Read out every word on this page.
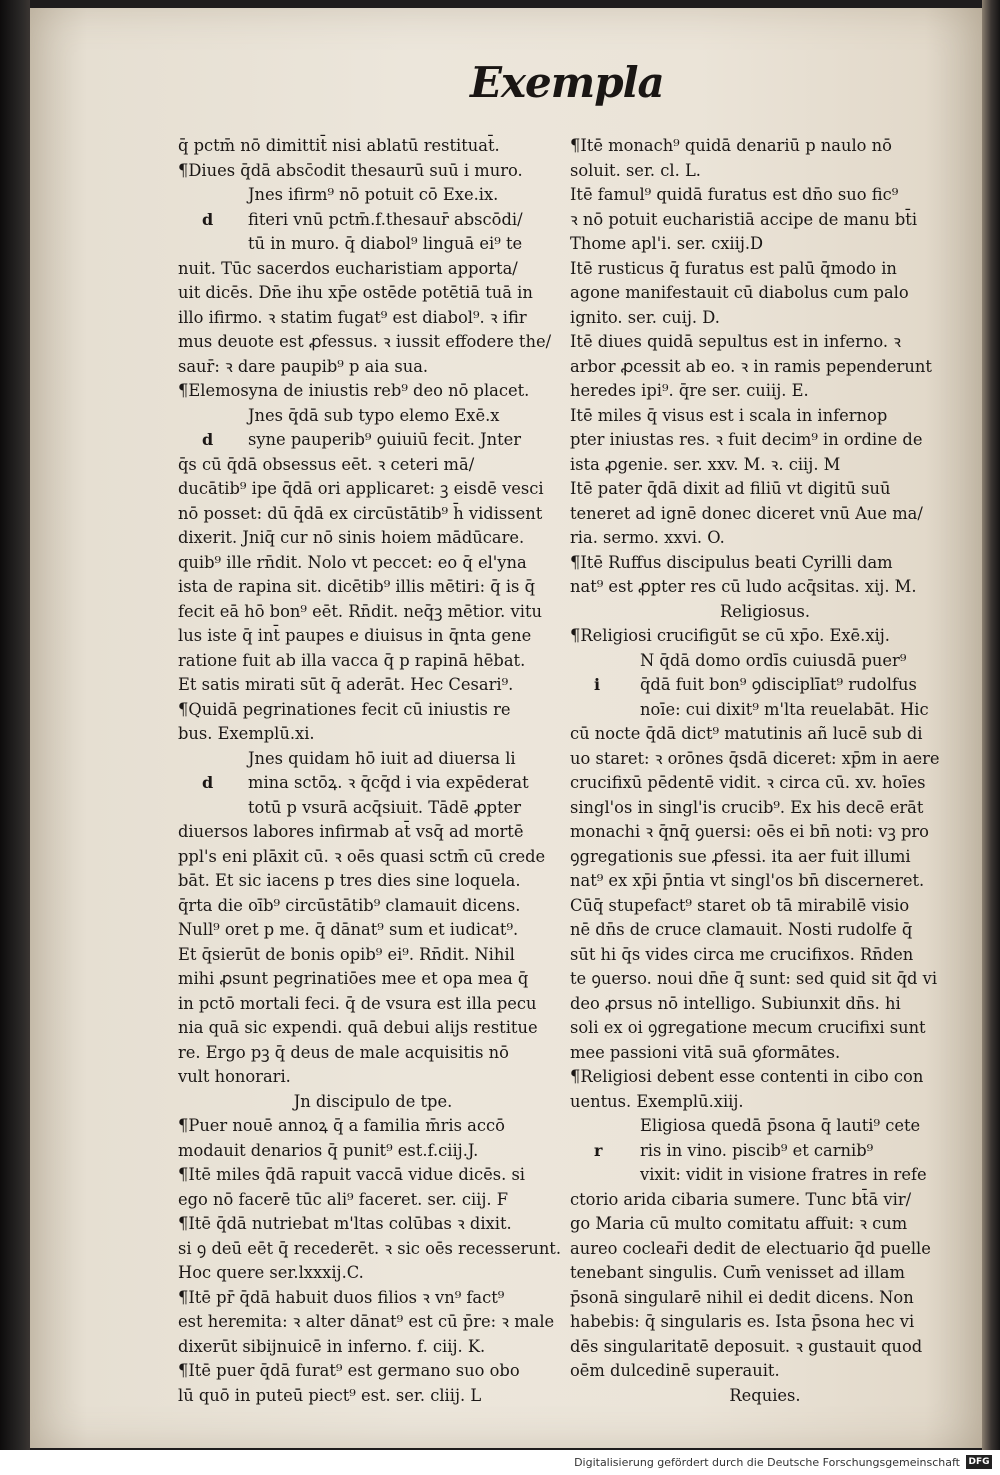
Exempla
q̄ pctm̄ nō dimittit̄ nisi ablatū restituat̄.
¶Diues q̄dā absc̄odit thesaurū suū i muro.
Jnes ifirm⁹ nō potuit cō Exe.ix.
d fiteri vnū pctm̄.f.thesaur̄ abscōdi/
tū in muro. q̄ diabol⁹ linguā ei⁹ te
nuit. Tūc sacerdos eucharistiam apporta/
uit dicēs. Dn̄e ihu xp̄e ostēde potētiā tuā in
illo ifirmo. ꝛ statim fugat⁹ est diabol⁹. ꝛ ifir
mus deuote est ꝓfessus. ꝛ iussit effodere the/
saur̄: ꝛ dare paupib⁹ p aia sua.
¶Elemosyna de iniustis reb⁹ deo nō placet.
Jnes q̄dā sub typo elemo Exē.x
d syne pauperib⁹ ꝯuiuiū fecit. Jnter
q̄s cū q̄dā obsessus eēt. ꝛ ceteri mā/
ducātib⁹ ipe q̄dā ori applicaret: ꝫ eisdē vesci
nō posset: dū q̄dā ex circūstātib⁹ h̄ vidissent
dixerit. Jniq̄ cur nō sinis hoiem mādūcare.
quib⁹ ille rn̄dit. Nolo vt peccet: eo q̄ el'yna
ista de rapina sit. dicētib⁹ illis mētiri: q̄ is q̄
fecit eā hō bon⁹ eēt. Rn̄dit. neq̄ꝫ mētior. vitu
lus iste q̄ int̄ paupes e diuisus in q̄nta gene
ratione fuit ab illa vacca q̄ p rapinā hēbat.
Et satis mirati sūt q̄ aderāt. Hec Cesari⁹.
¶Quidā pegrinationes fecit cū iniustis re
bus. Exemplū.xi.
Jnes quidam hō iuit ad diuersa li
d mina sctōꝝ. ꝛ q̄cq̄d i via expēderat
totū p vsurā acq̄siuit. Tādē ꝓpter
diuersos labores infirmab at̄ vsq̄ ad mortē
ppl's eni plāxit cū. ꝛ oēs quasi sctm̄ cū crede
bāt. Et sic iacens p tres dies sine loquela.
q̄rta die oīb⁹ circūstātib⁹ clamauit dicens.
Null⁹ oret p me. q̄ dānat⁹ sum et iudicat⁹.
Et q̄sierūt de bonis opib⁹ ei⁹. Rn̄dit. Nihil
mihi ꝓsunt pegrinatiōes mee et opa mea q̄
in pctō mortali feci. q̄ de vsura est illa pecu
nia quā sic expendi. quā debui alijs restitue
re. Ergo pꝫ q̄ deus de male acquisitis nō
vult honorari.
Jn discipulo de tpe.
¶Puer nouē annoꝝ q̄ a familia m̄ris accō
modauit denarios q̄ punit⁹ est.f.ciij.J.
¶Itē miles q̄dā rapuit vaccā vidue dicēs. si
ego nō facerē tūc ali⁹ faceret. ser. ciij. F
¶Itē q̄dā nutriebat m'ltas colūbas ꝛ dixit.
si ꝯ deū eēt q̄ recederēt. ꝛ sic oēs recesserunt.
Hoc quere ser.lxxxij.C.
¶Itē pr̄ q̄dā habuit duos filios ꝛ vn⁹ fact⁹
est heremita: ꝛ alter dānat⁹ est cū p̄re: ꝛ male
dixerūt sibijnuicē in inferno. f. ciij. K.
¶Itē puer q̄dā furat⁹ est germano suo obo
lū quō in puteū piect⁹ est. ser. cliij. L
¶Itē monach⁹ quidā denariū p naulo nō
soluit. ser. cl. L.
Itē famul⁹ quidā furatus est dn̄o suo fic⁹
ꝛ nō potuit eucharistiā accipe de manu bt̄i
Thome apl'i. ser. cxiij.D
Itē rusticus q̄ furatus est palū q̄modo in
agone manifestauit cū diabolus cum palo
ignito. ser. cuij. D.
Itē diues quidā sepultus est in inferno. ꝛ
arbor ꝓcessit ab eo. ꝛ in ramis pependerunt
heredes ipi⁹. q̄re ser. cuiij. E.
Itē miles q̄ visus est i scala in infernop
pter iniustas res. ꝛ fuit decim⁹ in ordine de
ista ꝓgenie. ser. xxv. M. ꝛ. ciij. M
Itē pater q̄dā dixit ad filiū vt digitū suū
teneret ad ignē donec diceret vnū Aue ma/
ria. sermo. xxvi. O.
¶Itē Ruffus discipulus beati Cyrilli dam
nat⁹ est ꝓpter res cū ludo acq̄sitas. xij. M.
Religiosus.
¶Religiosi crucifigūt se cū xp̄o. Exē.xij.
N q̄dā domo ordīs cuiusdā puer⁹
i q̄dā fuit bon⁹ ꝯdisciplīat⁹ rudolfus
noīe: cui dixit⁹ m'lta reuelabāt. Hic
cū nocte q̄dā dict⁹ matutinis añ lucē sub di
uo staret: ꝛ orōnes q̄sdā diceret: xp̄m in aere
crucifixū pēdentē vidit. ꝛ circa cū. xv. hoīes
singl'os in singl'is crucib⁹. Ex his decē erāt
monachi ꝛ q̄nq̄ ꝯuersi: oēs ei bn̄ noti: vꝫ pro
ꝯgregationis sue ꝓfessi. ita aer fuit illumi
nat⁹ ex xp̄i p̄ntia vt singl'os bn̄ discerneret.
Cūq̄ stupefact⁹ staret ob tā mirabilē visio
nē dn̄s de cruce clamauit. Nosti rudolfe q̄
sūt hi q̄s vides circa me crucifixos. Rn̄den
te ꝯuerso. noui dn̄e q̄ sunt: sed quid sit q̄d vi
deo ꝓrsus nō intelligo. Subiunxit dn̄s. hi
soli ex oi ꝯgregatione mecum crucifixi sunt
mee passioni vitā suā ꝯformātes.
¶Religiosi debent esse contenti in cibo con
uentus. Exemplū.xiij.
Eligiosa quedā p̄sona q̄ lauti⁹ cete
r ris in vino. piscib⁹ et carnib⁹
vixit: vidit in visione fratres in refe
ctorio arida cibaria sumere. Tunc bt̄ā vir/
go Maria cū multo comitatu affuit: ꝛ cum
aureo coclear̄i dedit de electuario q̄d puelle
tenebant singulis. Cum̄ venisset ad illam
p̄sonā singularē nihil ei dedit dicens. Non
habebis: q̄ singularis es. Ista p̄sona hec vi
dēs singularitatē deposuit. ꝛ gustauit quod
oēm dulcedinē superauit.
Requies.
Digitalisierung gefördert durch die Deutsche Forschungsgemeinschaft DFG
